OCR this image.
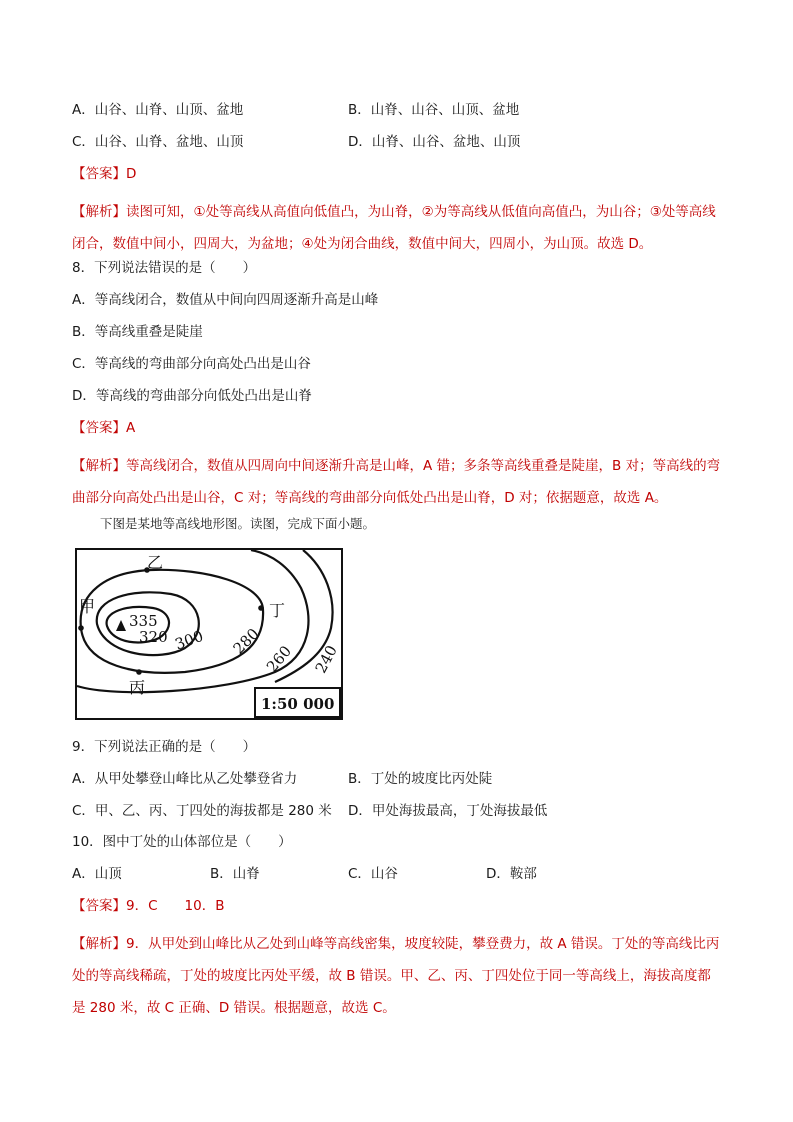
A．山谷、山脊、山顶、盆地	B．山脊、山谷、山顶、盆地
C．山谷、山脊、盆地、山顶	D．山脊、山谷、盆地、山顶
【答案】D
【解析】读图可知，①处等高线从高值向低值凸，为山脊，②为等高线从低值向高值凸，为山谷；③处等高线闭合，数值中间小，四周大，为盆地；④处为闭合曲线，数值中间大，四周小，为山顶。故选 D。
8．下列说法错误的是（　　）
A．等高线闭合，数值从中间向四周逐渐升高是山峰
B．等高线重叠是陡崖
C．等高线的弯曲部分向高处凸出是山谷
D．等高线的弯曲部分向低处凸出是山脊
【答案】A
【解析】等高线闭合，数值从四周向中间逐渐升高是山峰，A 错；多条等高线重叠是陡崖，B 对；等高线的弯曲部分向高处凸出是山谷，C 对；等高线的弯曲部分向低处凸出是山脊，D 对；依据题意，故选 A。
下图是某地等高线地形图。读图，完成下面小题。
甲
乙
丙
丁
335
320 300 280
260 240
1:50 000
9．下列说法正确的是（　　）
A．从甲处攀登山峰比从乙处攀登省力	B．丁处的坡度比丙处陡
C．甲、乙、丙、丁四处的海拔都是 280 米 D．甲处海拔最高，丁处海拔最低
10．图中丁处的山体部位是（　　）
A．山顶	B．山脊	C．山谷	D．鞍部
【答案】9．C　　10．B
【解析】9．从甲处到山峰比从乙处到山峰等高线密集，坡度较陡，攀登费力，故 A 错误。丁处的等高线比丙处的等高线稀疏，丁处的坡度比丙处平缓，故 B 错误。甲、乙、丙、丁四处位于同一等高线上，海拔高度都是 280 米，故 C 正确、D 错误。根据题意，故选 C。
